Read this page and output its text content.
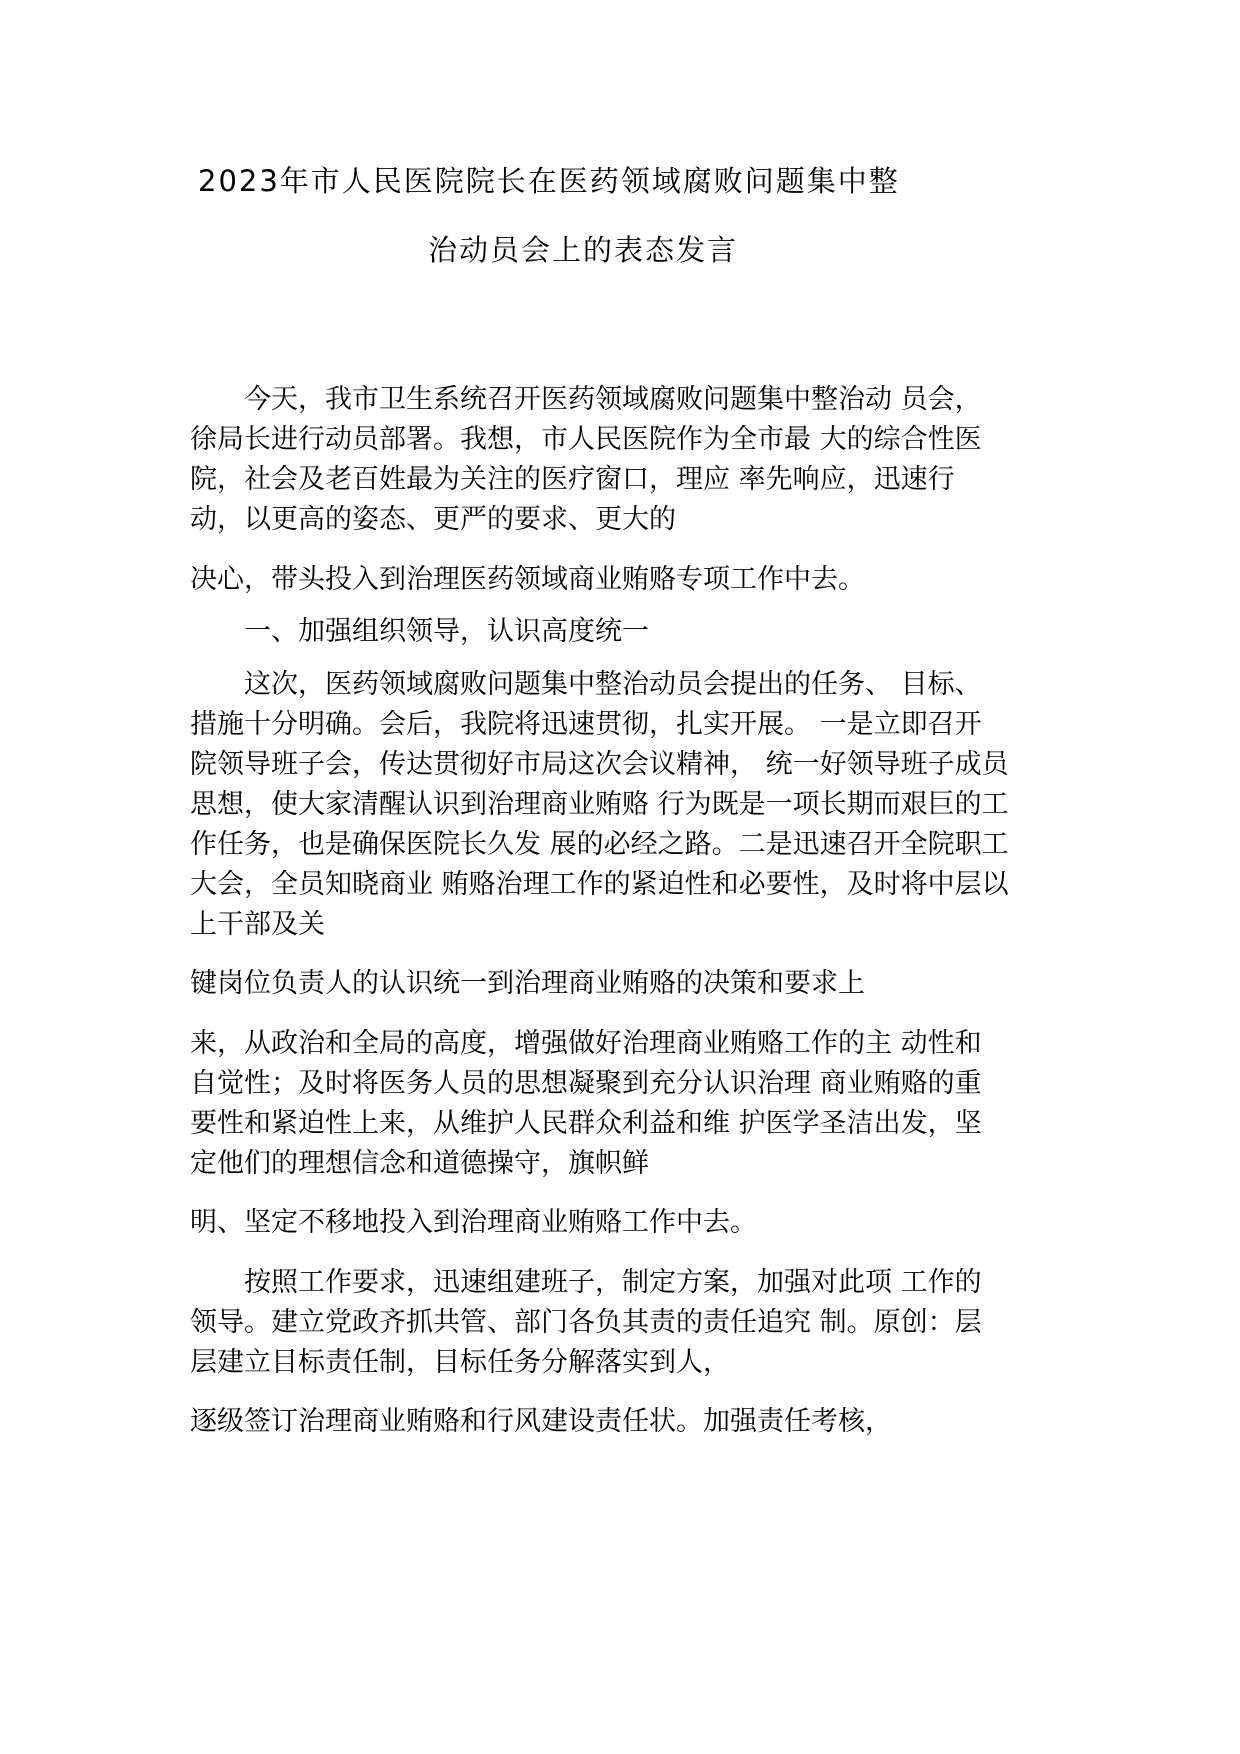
2023年市人民医院院长在医药领域腐败问题集中整
治动员会上的表态发言
　　今天，我市卫生系统召开医药领域腐败问题集中整治动 员会，
徐局长进行动员部署。我想，市人民医院作为全市最 大的综合性医
院，社会及老百姓最为关注的医疗窗口，理应 率先响应，迅速行
动，以更高的姿态、更严的要求、更大的
决心，带头投入到治理医药领域商业贿赂专项工作中去。
　　一、加强组织领导，认识高度统一
　　这次，医药领域腐败问题集中整治动员会提出的任务、 目标、
措施十分明确。会后，我院将迅速贯彻，扎实开展。 一是立即召开
院领导班子会，传达贯彻好市局这次会议精神， 统一好领导班子成员
思想，使大家清醒认识到治理商业贿赂 行为既是一项长期而艰巨的工
作任务，也是确保医院长久发 展的必经之路。二是迅速召开全院职工
大会，全员知晓商业 贿赂治理工作的紧迫性和必要性，及时将中层以
上干部及关
键岗位负责人的认识统一到治理商业贿赂的决策和要求上
来，从政治和全局的高度，增强做好治理商业贿赂工作的主 动性和
自觉性；及时将医务人员的思想凝聚到充分认识治理 商业贿赂的重
要性和紧迫性上来，从维护人民群众利益和维 护医学圣洁出发，坚
定他们的理想信念和道德操守，旗帜鲜
明、坚定不移地投入到治理商业贿赂工作中去。
　　按照工作要求，迅速组建班子，制定方案，加强对此项 工作的
领导。建立党政齐抓共管、部门各负其责的责任追究 制。原创：层
层建立目标责任制，目标任务分解落实到人，
逐级签订治理商业贿赂和行风建设责任状。加强责任考核，
